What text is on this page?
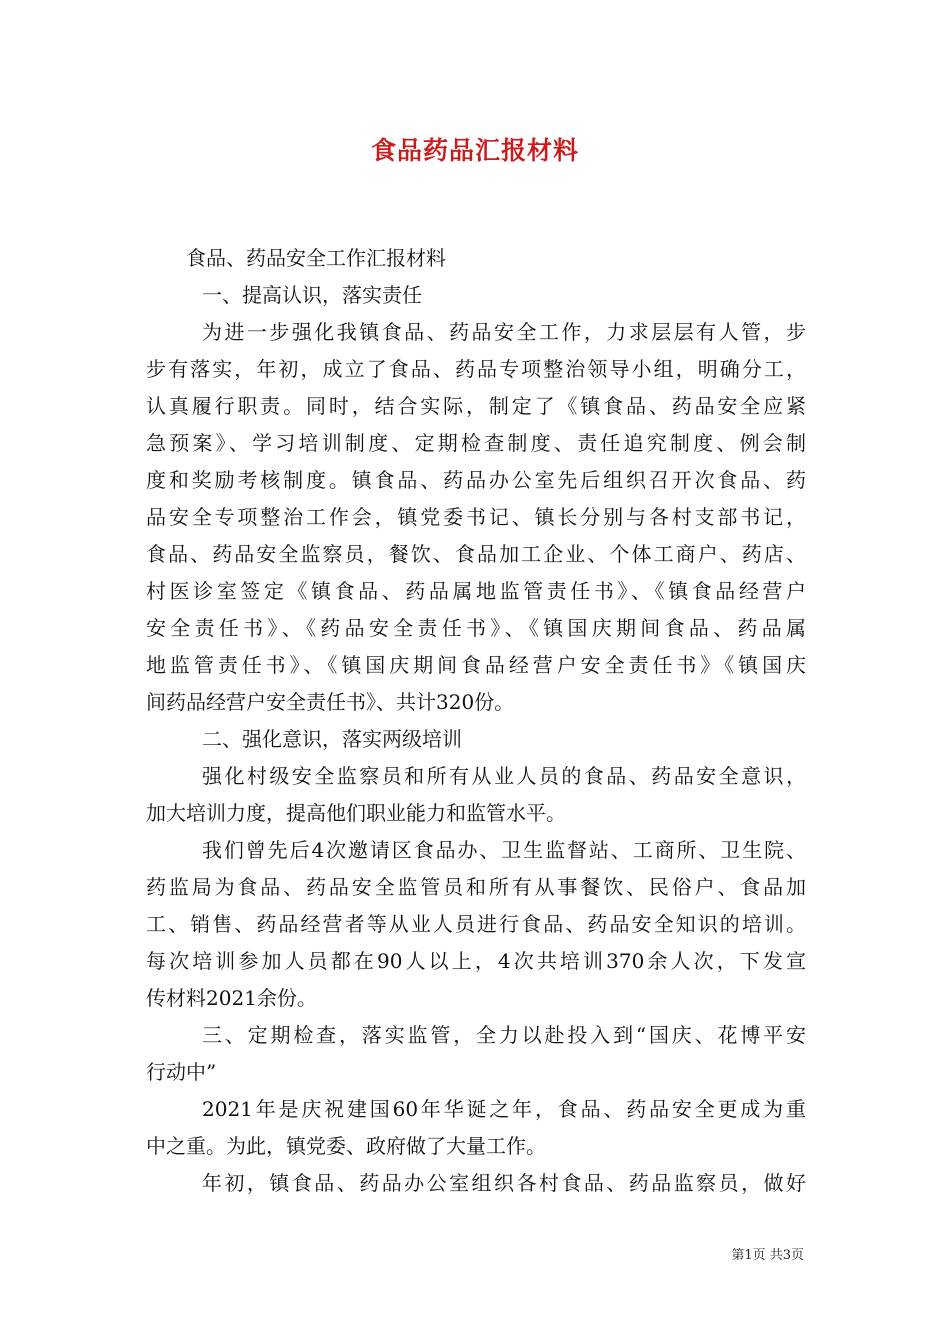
食品药品汇报材料
食品、药品安全工作汇报材料
一、提高认识，落实责任
为进一步强化我镇食品、药品安全工作，力求层层有人管，步
步有落实，年初，成立了食品、药品专项整治领导小组，明确分工，
认真履行职责。同时，结合实际，制定了《镇食品、药品安全应紧
急预案》、学习培训制度、定期检查制度、责任追究制度、例会制
度和奖励考核制度。镇食品、药品办公室先后组织召开次食品、药
品安全专项整治工作会，镇党委书记、镇长分别与各村支部书记，
食品、药品安全监察员，餐饮、食品加工企业、个体工商户、药店、
村医诊室签定《镇食品、药品属地监管责任书》、《镇食品经营户
安全责任书》、《药品安全责任书》、《镇国庆期间食品、药品属
地监管责任书》、《镇国庆期间食品经营户安全责任书》《镇国庆
间药品经营户安全责任书》、共计320份。
二、强化意识，落实两级培训
强化村级安全监察员和所有从业人员的食品、药品安全意识，
加大培训力度，提高他们职业能力和监管水平。
我们曾先后4次邀请区食品办、卫生监督站、工商所、卫生院、
药监局为食品、药品安全监管员和所有从事餐饮、民俗户、食品加
工、销售、药品经营者等从业人员进行食品、药品安全知识的培训。
每次培训参加人员都在90人以上，4次共培训370余人次，下发宣
传材料2021余份。
三、定期检查，落实监管，全力以赴投入到“国庆、花博平安
行动中”
2021年是庆祝建国60年华诞之年，食品、药品安全更成为重
中之重。为此，镇党委、政府做了大量工作。
年初，镇食品、药品办公室组织各村食品、药品监察员，做好
第1页 共3页
